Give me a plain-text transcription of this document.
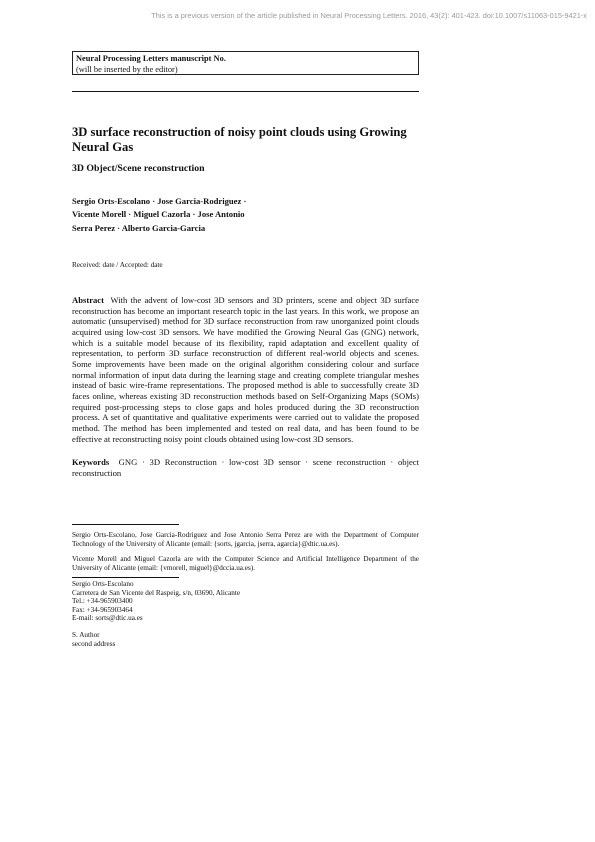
This is a previous version of the article published in Neural Processing Letters. 2016, 43(2): 401-423. doi:10.1007/s11063-015-9421-x
Neural Processing Letters manuscript No.
(will be inserted by the editor)
3D surface reconstruction of noisy point clouds using Growing Neural Gas
3D Object/Scene reconstruction
Sergio Orts-Escolano · Jose Garcia-Rodriguez ·
Vicente Morell · Miguel Cazorla · Jose Antonio
Serra Perez · Alberto Garcia-Garcia
Received: date / Accepted: date
Abstract With the advent of low-cost 3D sensors and 3D printers, scene and object 3D surface reconstruction has become an important research topic in the last years. In this work, we propose an automatic (unsupervised) method for 3D surface reconstruction from raw unorganized point clouds acquired using low-cost 3D sensors. We have modified the Growing Neural Gas (GNG) network, which is a suitable model because of its flexibility, rapid adaptation and excellent quality of representation, to perform 3D surface reconstruction of different real-world objects and scenes. Some improvements have been made on the original algorithm considering colour and surface normal information of input data during the learning stage and creating complete triangular meshes instead of basic wire-frame representations. The proposed method is able to successfully create 3D faces online, whereas existing 3D reconstruction methods based on Self-Organizing Maps (SOMs) required post-processing steps to close gaps and holes produced during the 3D reconstruction process. A set of quantitative and qualitative experiments were carried out to validate the proposed method. The method has been implemented and tested on real data, and has been found to be effective at reconstructing noisy point clouds obtained using low-cost 3D sensors.
Keywords GNG · 3D Reconstruction · low-cost 3D sensor · scene reconstruction · object reconstruction
Sergio Orts-Escolano, Jose Garcia-Rodriguez and Jose Antonio Serra Perez are with the Department of Computer Technology of the University of Alicante (email: {sorts, jgarcia, jserra, agarcia}@dtic.ua.es).
Vicente Morell and Miguel Cazorla are with the Computer Science and Artificial Intelligence Department of the University of Alicante (email: {vmorell, miguel}@dccia.ua.es).
Sergio Orts-Escolano
Carretera de San Vicente del Raspeig, s/n, 03690, Alicante
Tel.: +34-965903400
Fax: +34-965903464
E-mail: sorts@dtic.ua.es
S. Author
second address
